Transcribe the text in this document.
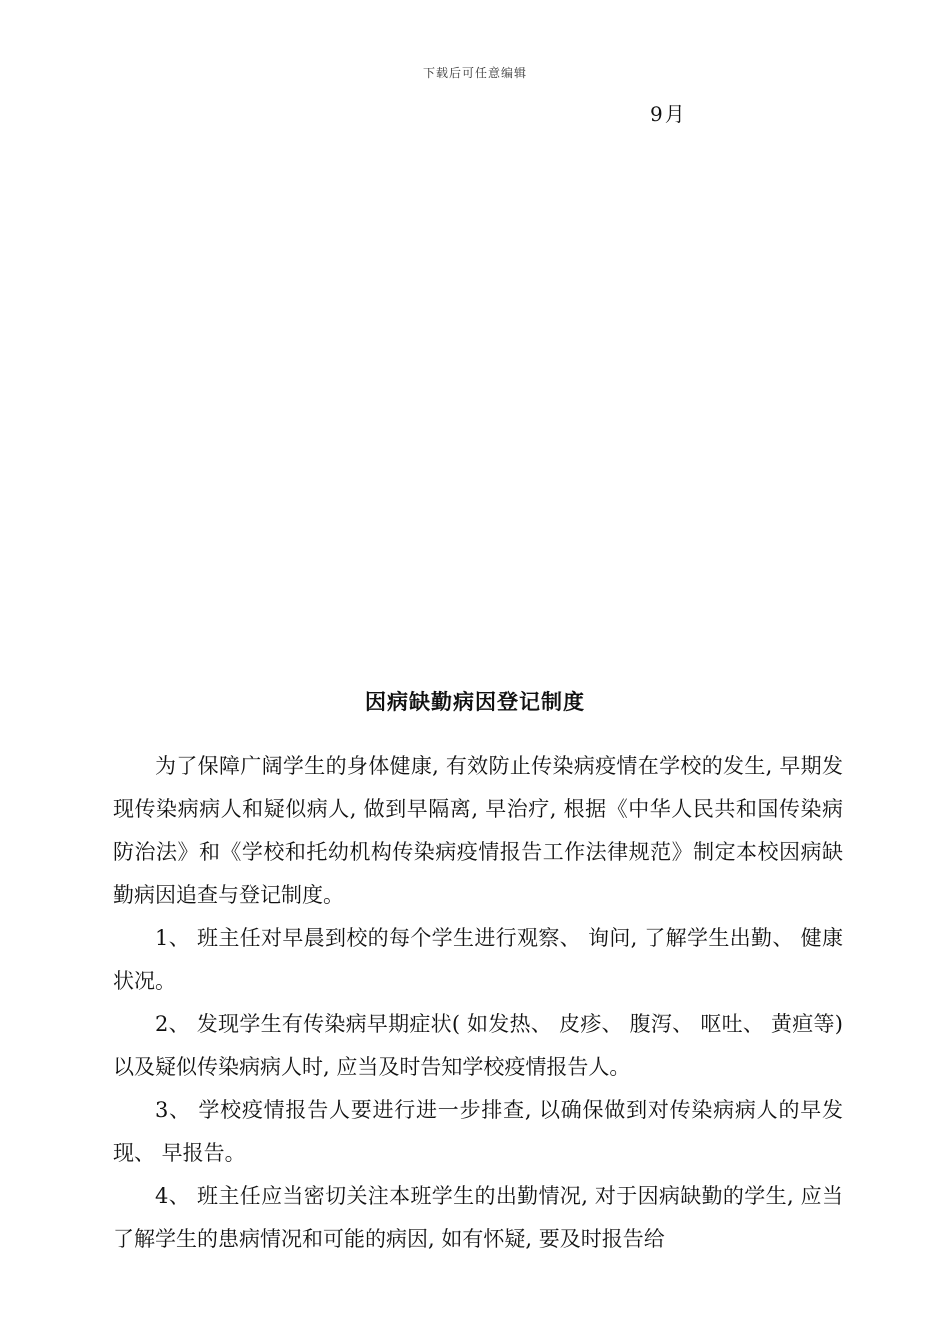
下载后可任意编辑
9月
因病缺勤病因登记制度

为了保障广阔学生的身体健康, 有效防止传染病疫情在学校的发生, 早期发现传染病病人和疑似病人, 做到早隔离, 早治疗, 根据《中华人民共和国传染病防治法》和《学校和托幼机构传染病疫情报告工作法律规范》制定本校因病缺勤病因追查与登记制度。

1、 班主任对早晨到校的每个学生进行观察、 询问, 了解学生出勤、 健康状况。

2、 发现学生有传染病早期症状( 如发热、 皮疹、 腹泻、 呕吐、 黄疸等) 以及疑似传染病病人时, 应当及时告知学校疫情报告人。

3、 学校疫情报告人要进行进一步排查, 以确保做到对传染病病人的早发现、 早报告。

4、 班主任应当密切关注本班学生的出勤情况, 对于因病缺勤的学生, 应当了解学生的患病情况和可能的病因, 如有怀疑, 要及时报告给
